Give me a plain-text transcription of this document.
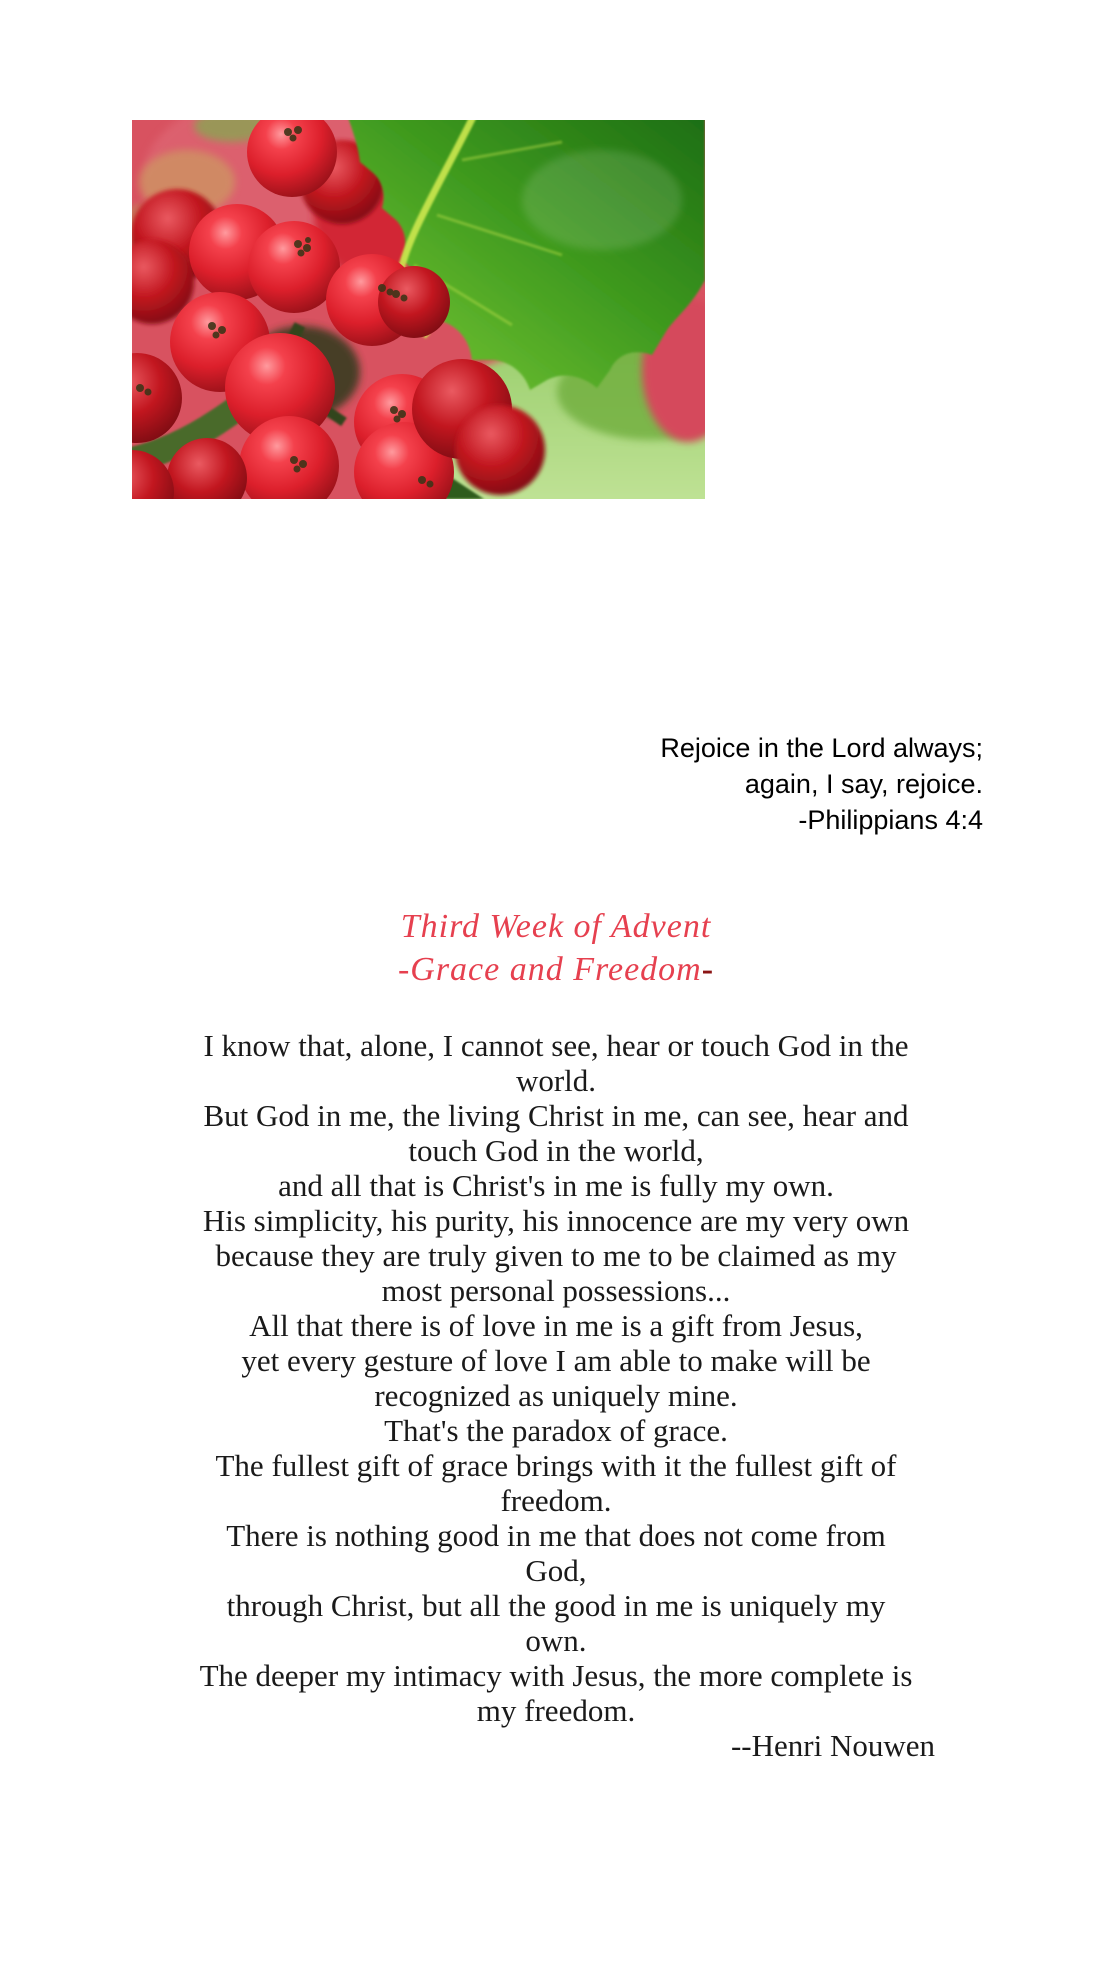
Rejoice in the Lord always;
again, I say, rejoice.
-Philippians 4:4
Third Week of Advent
-Grace and Freedom-
I know that, alone, I cannot see, hear or touch God in the
world.
But God in me, the living Christ in me, can see, hear and
touch God in the world,
and all that is Christ's in me is fully my own.
His simplicity, his purity, his innocence are my very own
because they are truly given to me to be claimed as my
most personal possessions...
All that there is of love in me is a gift from Jesus,
yet every gesture of love I am able to make will be
recognized as uniquely mine.
That's the paradox of grace.
The fullest gift of grace brings with it the fullest gift of
freedom.
There is nothing good in me that does not come from
God,
through Christ, but all the good in me is uniquely my
own.
The deeper my intimacy with Jesus, the more complete is
my freedom.
--Henri Nouwen
